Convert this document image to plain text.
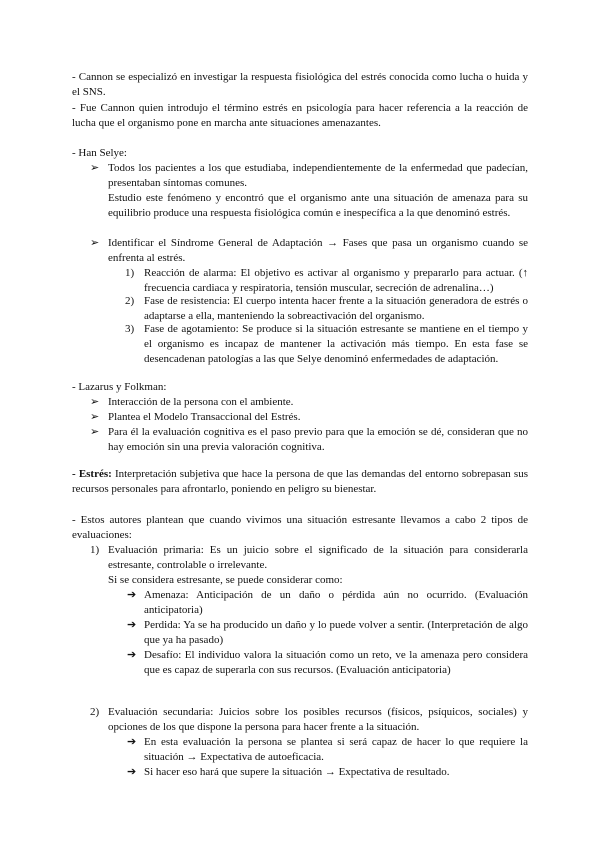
- Cannon se especializó en investigar la respuesta fisiológica del estrés conocida como lucha o huida y el SNS.

- Fue Cannon quien introdujo el término estrés en psicología para hacer referencia a la reacción de lucha que el organismo pone en marcha ante situaciones amenazantes.

- Han Selye:

➢ Todos los pacientes a los que estudiaba, independientemente de la enfermedad que padecían, presentaban síntomas comunes.

Estudio este fenómeno y encontró que el organismo ante una situación de amenaza para su equilibrio produce una respuesta fisiológica común e inespecífica a la que denominó estrés.

➢ Identificar el Síndrome General de Adaptación → Fases que pasa un organismo cuando se enfrenta al estrés.
1) Reacción de alarma: El objetivo es activar al organismo y prepararlo para actuar. (↑ frecuencia cardiaca y respiratoria, tensión muscular, secreción de adrenalina…)
2) Fase de resistencia: El cuerpo intenta hacer frente a la situación generadora de estrés o adaptarse a ella, manteniendo la sobreactivación del organismo.
3) Fase de agotamiento: Se produce si la situación estresante se mantiene en el tiempo y el organismo es incapaz de mantener la activación más tiempo. En esta fase se desencadenan patologías a las que Selye denominó enfermedades de adaptación.

- Lazarus y Folkman:

➢ Interacción de la persona con el ambiente.
➢ Plantea el Modelo Transaccional del Estrés.
➢ Para él la evaluación cognitiva es el paso previo para que la emoción se dé, consideran que no hay emoción sin una previa valoración cognitiva.

- Estrés: Interpretación subjetiva que hace la persona de que las demandas del entorno sobrepasan sus recursos personales para afrontarlo, poniendo en peligro su bienestar.

- Estos autores plantean que cuando vivimos una situación estresante llevamos a cabo 2 tipos de evaluaciones:

1) Evaluación primaria: Es un juicio sobre el significado de la situación para considerarla estresante, controlable o irrelevante.

Si se considera estresante, se puede considerar como:

➔ Amenaza: Anticipación de un daño o pérdida aún no ocurrido. (Evaluación anticipatoria)
➔ Perdida: Ya se ha producido un daño y lo puede volver a sentir. (Interpretación de algo que ya ha pasado)
➔ Desafío: El individuo valora la situación como un reto, ve la amenaza pero considera que es capaz de superarla con sus recursos. (Evaluación anticipatoria)
2) Evaluación secundaria: Juicios sobre los posibles recursos (físicos, psíquicos, sociales) y opciones de los que dispone la persona para hacer frente a la situación.
➔ En esta evaluación la persona se plantea si será capaz de hacer lo que requiere la situación → Expectativa de autoeficacia.
➔ Si hacer eso hará que supere la situación → Expectativa de resultado.
